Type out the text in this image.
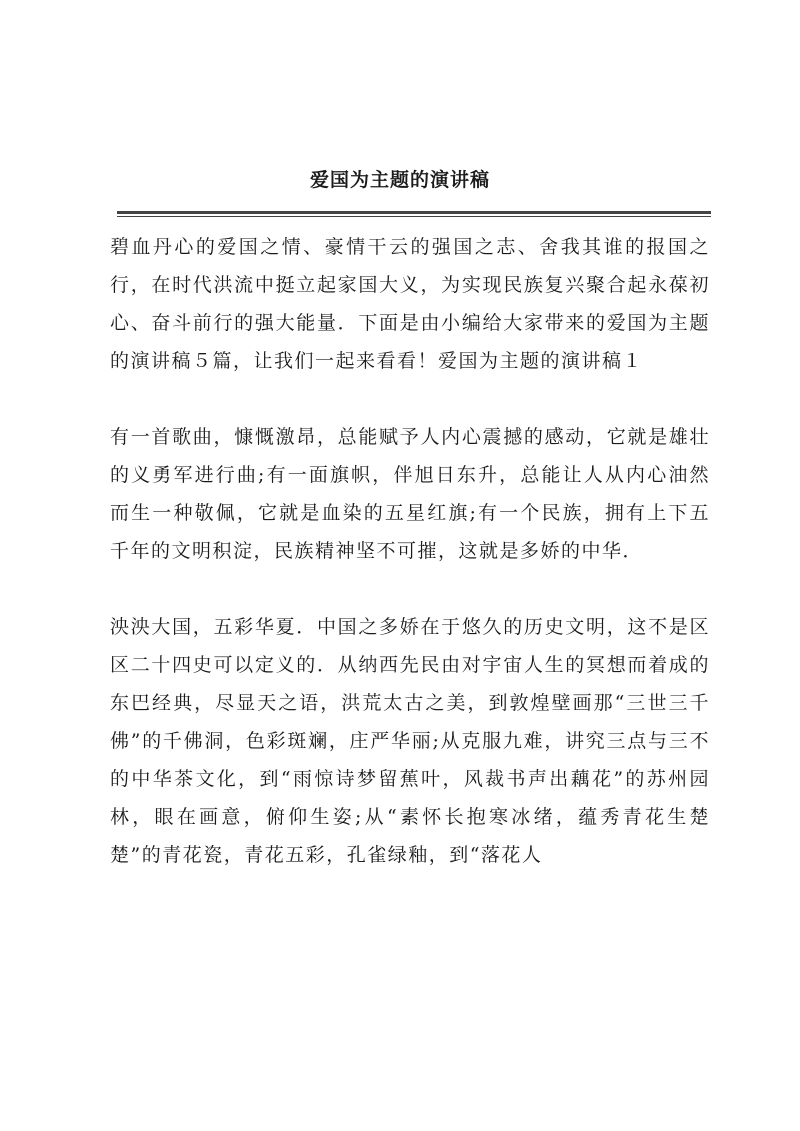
爱国为主题的演讲稿

碧血丹心的爱国之情、豪情干云的强国之志、舍我其谁的报国之行，在时代洪流中挺立起家国大义，为实现民族复兴聚合起永葆初心、奋斗前行的强大能量．下面是由小编给大家带来的爱国为主题的演讲稿５篇，让我们一起来看看！爱国为主题的演讲稿１

有一首歌曲，慷慨激昂，总能赋予人内心震撼的感动，它就是雄壮的义勇军进行曲;有一面旗帜，伴旭日东升，总能让人从内心油然而生一种敬佩，它就是血染的五星红旗;有一个民族，拥有上下五千年的文明积淀，民族精神坚不可摧，这就是多娇的中华．

泱泱大国，五彩华夏．中国之多娇在于悠久的历史文明，这不是区区二十四史可以定义的．从纳西先民由对宇宙人生的冥想而着成的东巴经典，尽显天之语，洪荒太古之美，到敦煌壁画那“三世三千佛”的千佛洞，色彩斑斓，庄严华丽;从克服九难，讲究三点与三不的中华茶文化，到“雨惊诗梦留蕉叶，风裁书声出藕花”的苏州园林，眼在画意，俯仰生姿;从“素怀长抱寒冰绪，蕴秀青花生楚楚”的青花瓷，青花五彩，孔雀绿釉，到“落花人
